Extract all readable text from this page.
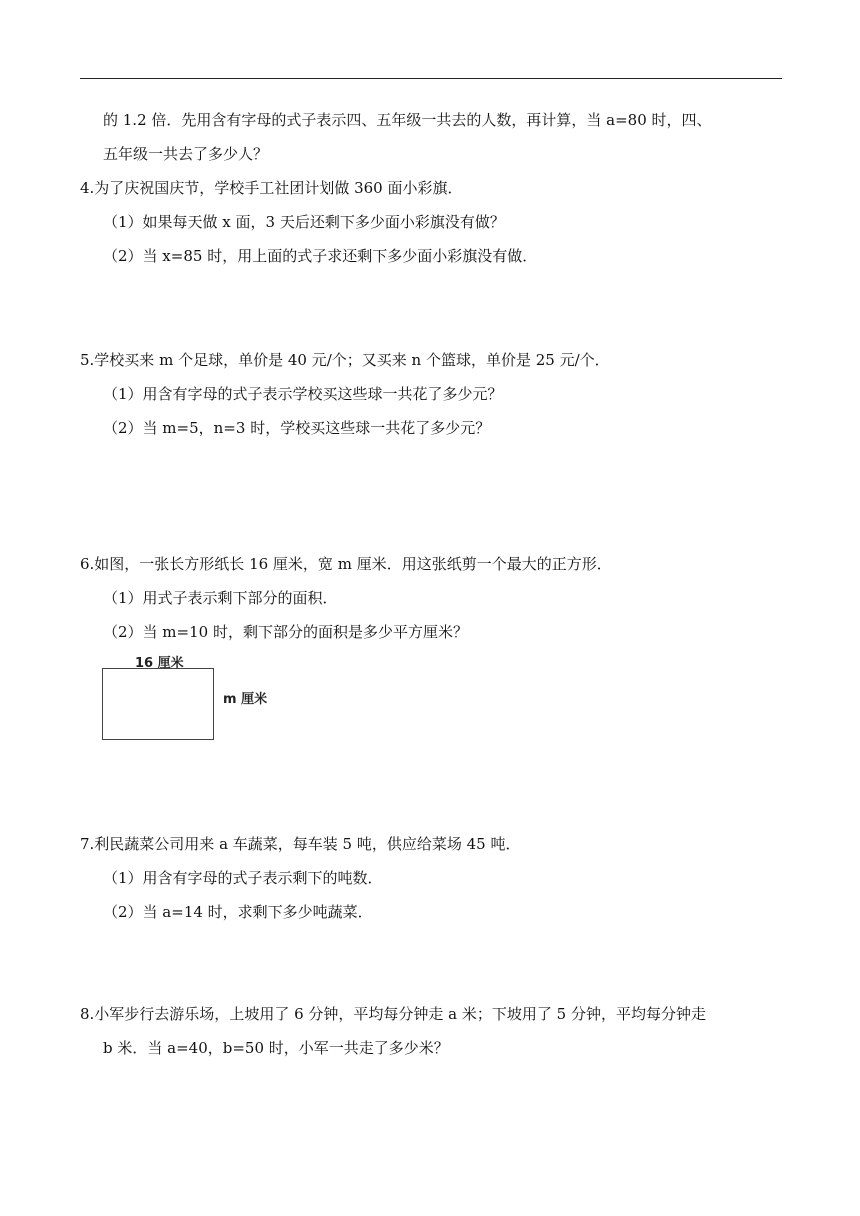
的 1.2 倍．先用含有字母的式子表示四、五年级一共去的人数，再计算，当 a=80 时，四、
五年级一共去了多少人？
4.为了庆祝国庆节，学校手工社团计划做 360 面小彩旗．
（1）如果每天做 x 面，3 天后还剩下多少面小彩旗没有做？
（2）当 x=85 时，用上面的式子求还剩下多少面小彩旗没有做．
5.学校买来 m 个足球，单价是 40 元/个；又买来 n 个篮球，单价是 25 元/个．
（1）用含有字母的式子表示学校买这些球一共花了多少元？
（2）当 m=5，n=3 时，学校买这些球一共花了多少元？
6.如图，一张长方形纸长 16 厘米，宽 m 厘米．用这张纸剪一个最大的正方形．
（1）用式子表示剩下部分的面积．
（2）当 m=10 时，剩下部分的面积是多少平方厘米？
16 厘米
m 厘米
7.利民蔬菜公司用来 a 车蔬菜，每车装 5 吨，供应给菜场 45 吨．
（1）用含有字母的式子表示剩下的吨数．
（2）当 a=14 时，求剩下多少吨蔬菜．
8.小军步行去游乐场，上坡用了 6 分钟，平均每分钟走 a 米；下坡用了 5 分钟，平均每分钟走
b 米．当 a=40，b=50 时，小军一共走了多少米？
